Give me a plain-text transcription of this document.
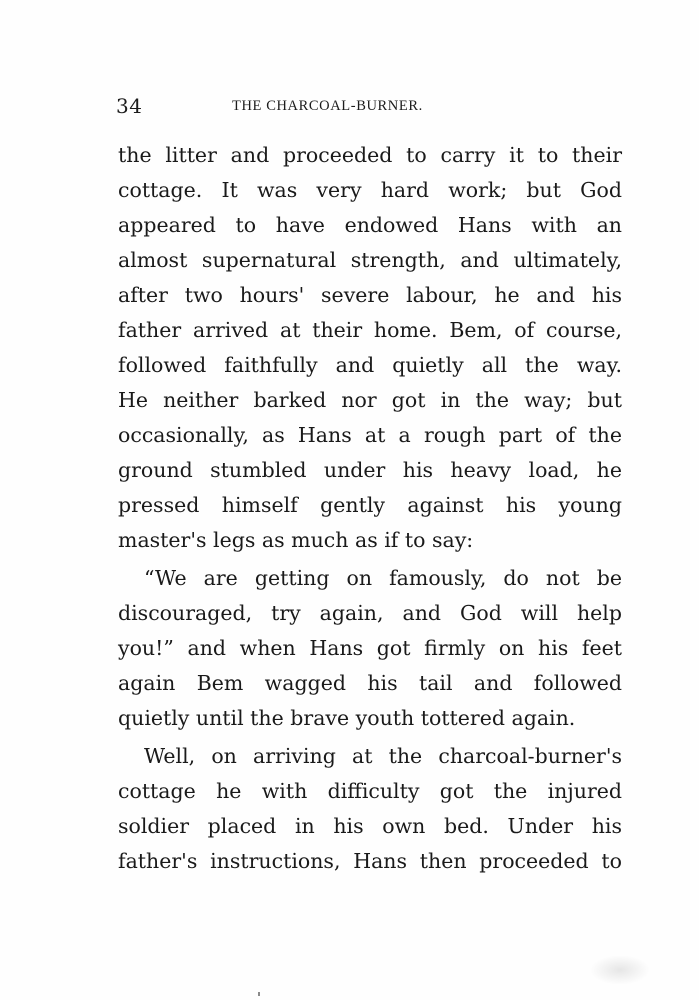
34	THE CHARCOAL-BURNER.
the litter and proceeded to carry it to their
cottage. It was very hard work; but God
appeared to have endowed Hans with an
almost supernatural strength, and ultimately,
after two hours' severe labour, he and his
father arrived at their home. Bem, of course,
followed faithfully and quietly all the way.
He neither barked nor got in the way; but
occasionally, as Hans at a rough part of the
ground stumbled under his heavy load, he
pressed himself gently against his young
master's legs as much as if to say:
“We are getting on famously, do not be
discouraged, try again, and God will help
you!” and when Hans got firmly on his feet
again Bem wagged his tail and followed
quietly until the brave youth tottered again.
Well, on arriving at the charcoal-burner's
cottage he with difficulty got the injured
soldier placed in his own bed. Under his
father's instructions, Hans then proceeded to
